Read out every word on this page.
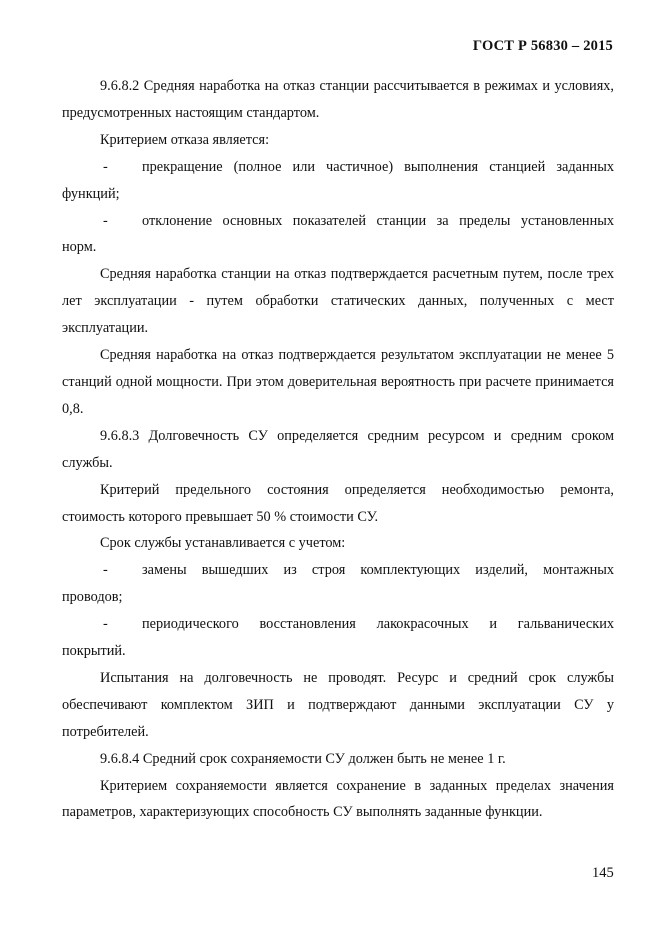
ГОСТ Р 56830 – 2015

9.6.8.2 Средняя наработка на отказ станции рассчитывается в режимах и условиях, предусмотренных настоящим стандартом.

Критерием отказа является:

- прекращение (полное или частичное) выполнения станцией заданных
функций;

- отклонение основных показателей станции за пределы установленных
норм.

Средняя наработка станции на отказ подтверждается расчетным путем, после трех лет эксплуатации - путем обработки статических данных, полученных с мест эксплуатации.

Средняя наработка на отказ подтверждается результатом эксплуатации не менее 5 станций одной мощности. При этом доверительная вероятность при расчете принимается 0,8.

9.6.8.3 Долговечность СУ определяется средним ресурсом и средним сроком службы.

Критерий предельного состояния определяется необходимостью ремонта, стоимость которого превышает 50 % стоимости СУ.

Срок службы устанавливается с учетом:

- замены вышедших из строя комплектующих изделий, монтажных
проводов;

- периодического восстановления лакокрасочных и гальванических
покрытий.

Испытания на долговечность не проводят. Ресурс и средний срок службы обеспечивают комплектом ЗИП и подтверждают данными эксплуатации СУ у потребителей.

9.6.8.4 Средний срок сохраняемости СУ должен быть не менее 1 г.

Критерием сохраняемости является сохранение в заданных пределах значения параметров, характеризующих способность СУ выполнять заданные функции.

145
